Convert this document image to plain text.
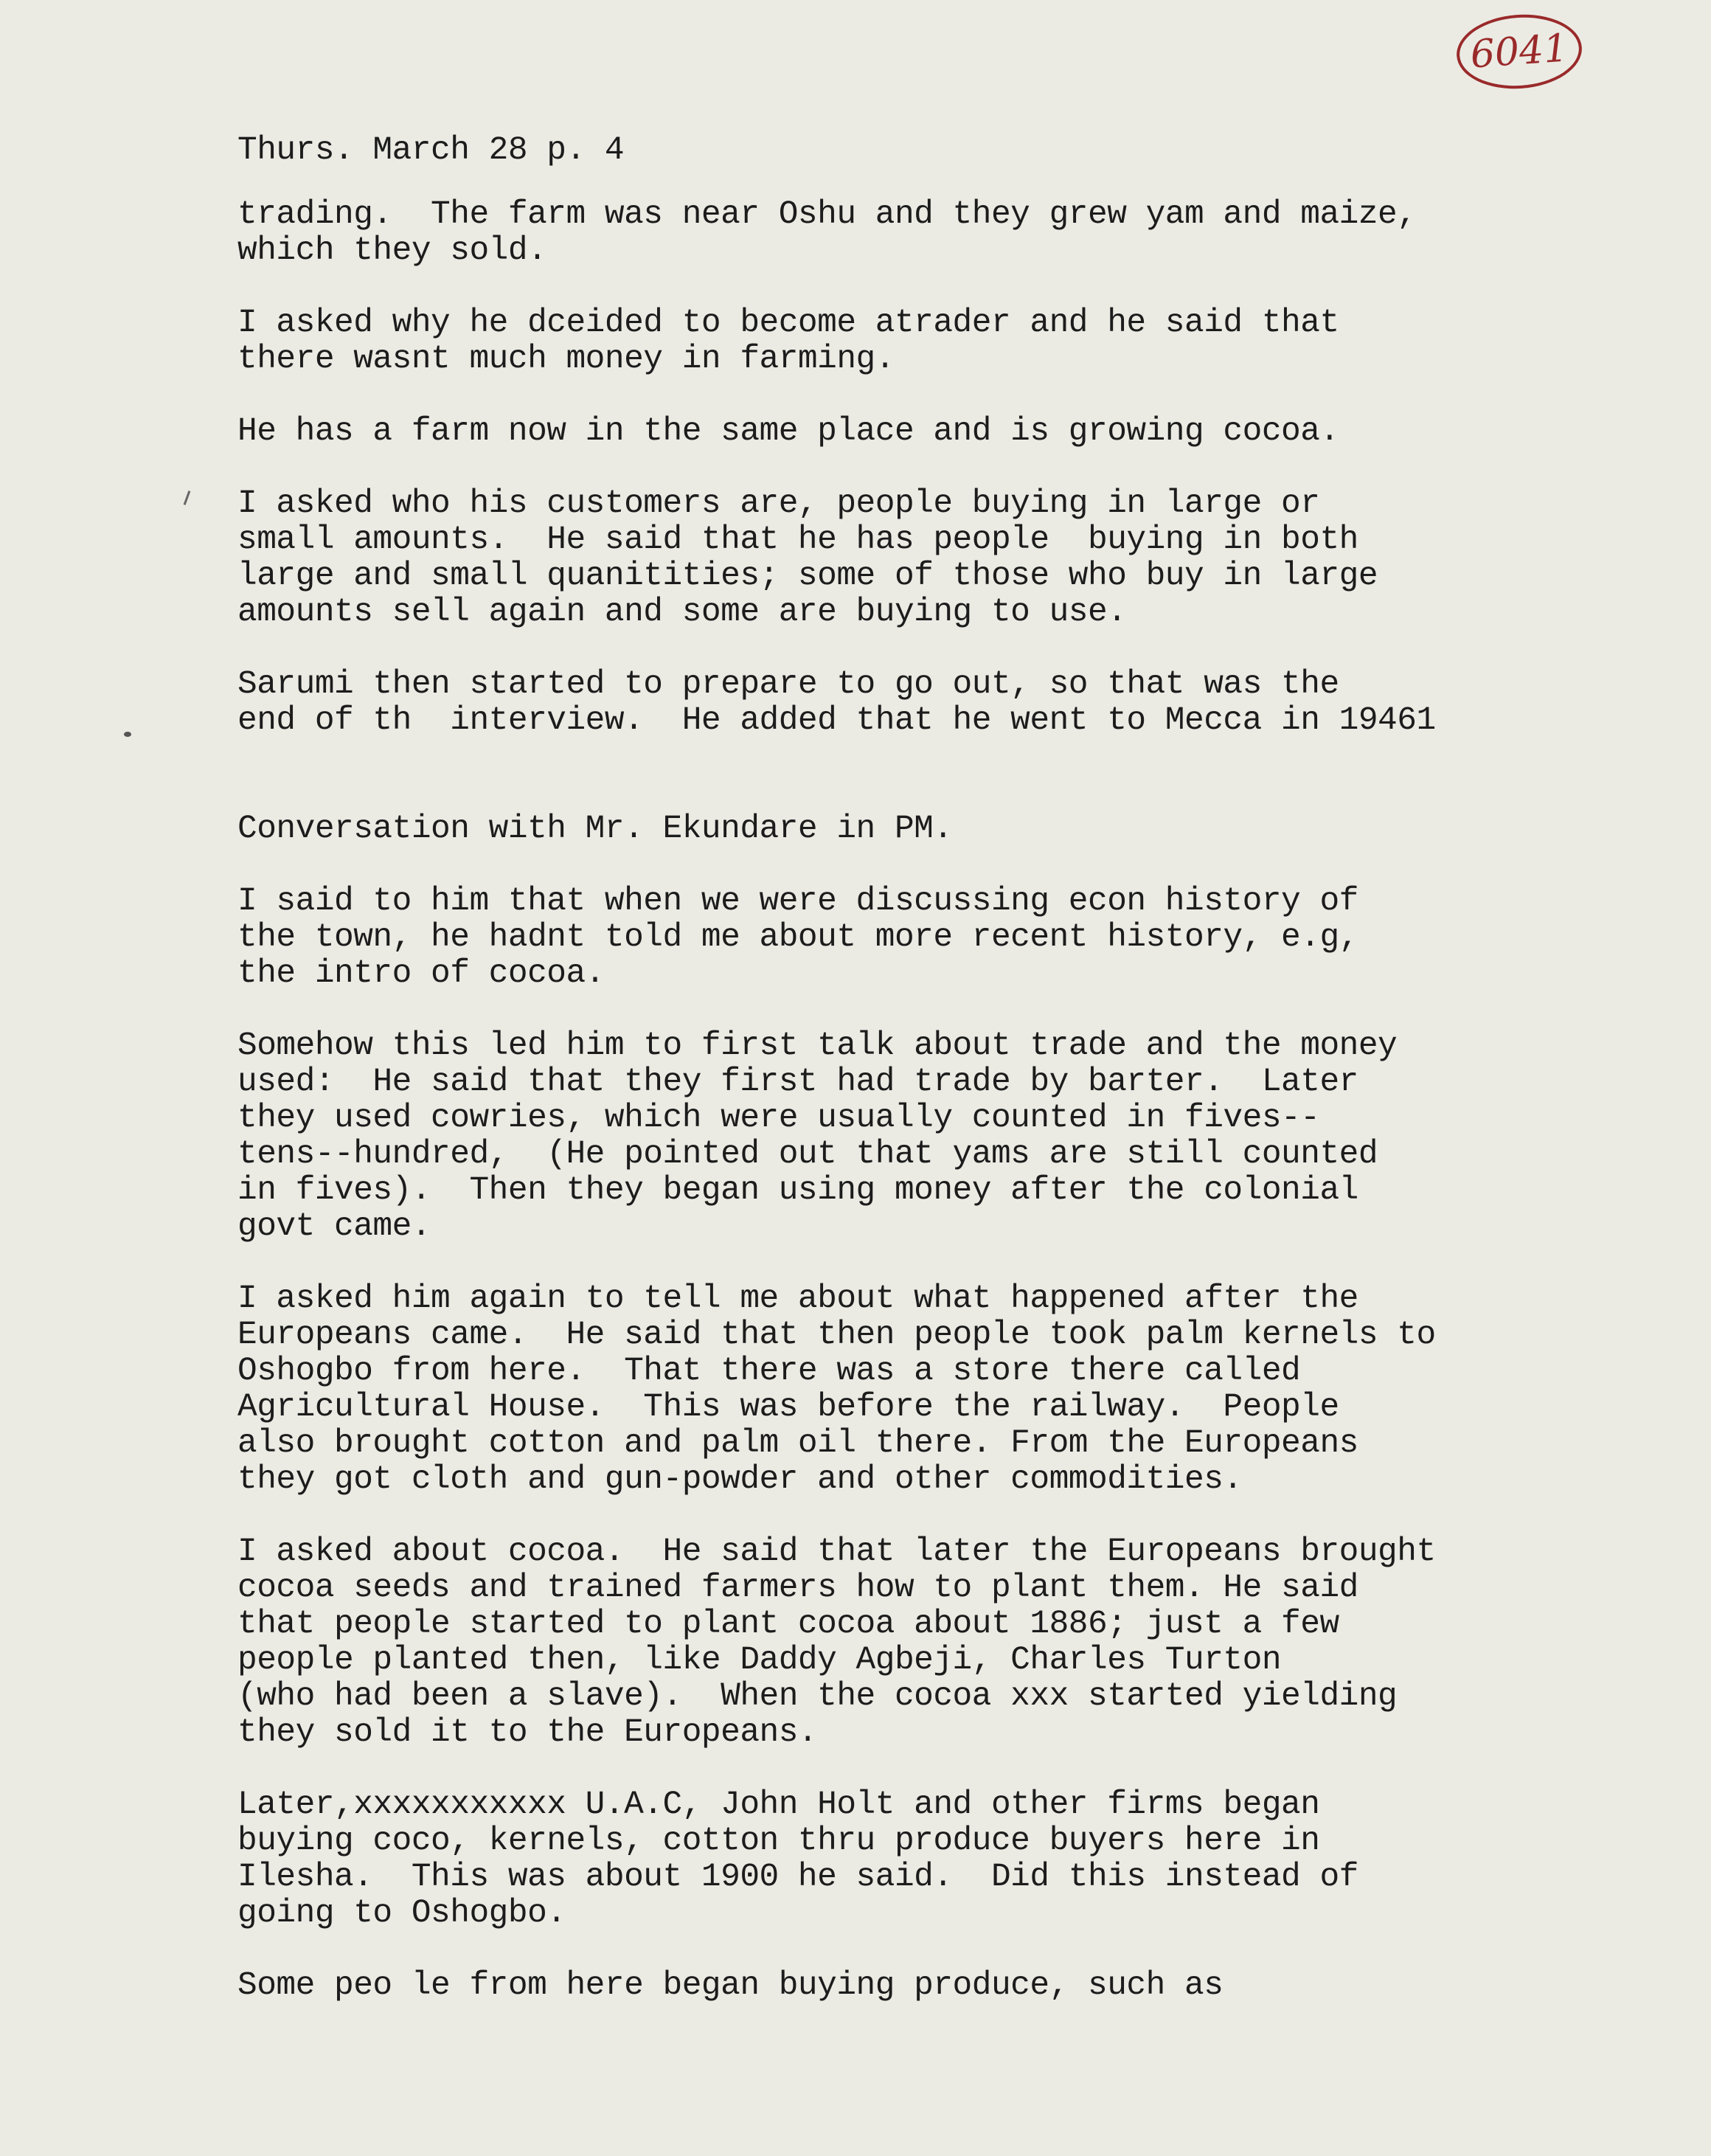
6041
Thurs. March 28 p. 4
trading.  The farm was near Oshu and they grew yam and maize,
which they sold.
I asked why he dceided to become atrader and he said that
there wasnt much money in farming.
He has a farm now in the same place and is growing cocoa.
I asked who his customers are, people buying in large or
small amounts.  He said that he has people  buying in both
large and small quanitities; some of those who buy in large
amounts sell again and some are buying to use.
Sarumi then started to prepare to go out, so that was the
end of th  interview.  He added that he went to Mecca in 19461
Conversation with Mr. Ekundare in PM.
I said to him that when we were discussing econ history of
the town, he hadnt told me about more recent history, e.g,
the intro of cocoa.
Somehow this led him to first talk about trade and the money
used:  He said that they first had trade by barter.  Later
they used cowries, which were usually counted in fives--
tens--hundred,  (He pointed out that yams are still counted
in fives).  Then they began using money after the colonial
govt came.
I asked him again to tell me about what happened after the
Europeans came.  He said that then people took palm kernels to
Oshogbo from here.  That there was a store there called
Agricultural House.  This was before the railway.  People
also brought cotton and palm oil there. From the Europeans
they got cloth and gun-powder and other commodities.
I asked about cocoa.  He said that later the Europeans brought
cocoa seeds and trained farmers how to plant them. He said
that people started to plant cocoa about 1886; just a few
people planted then, like Daddy Agbeji, Charles Turton
(who had been a slave).  When the cocoa xxx started yielding
they sold it to the Europeans.
Later,xxxxxxxxxxx U.A.C, John Holt and other firms began
buying coco, kernels, cotton thru produce buyers here in
Ilesha.  This was about 1900 he said.  Did this instead of
going to Oshogbo.
Some peo le from here began buying produce, such as
